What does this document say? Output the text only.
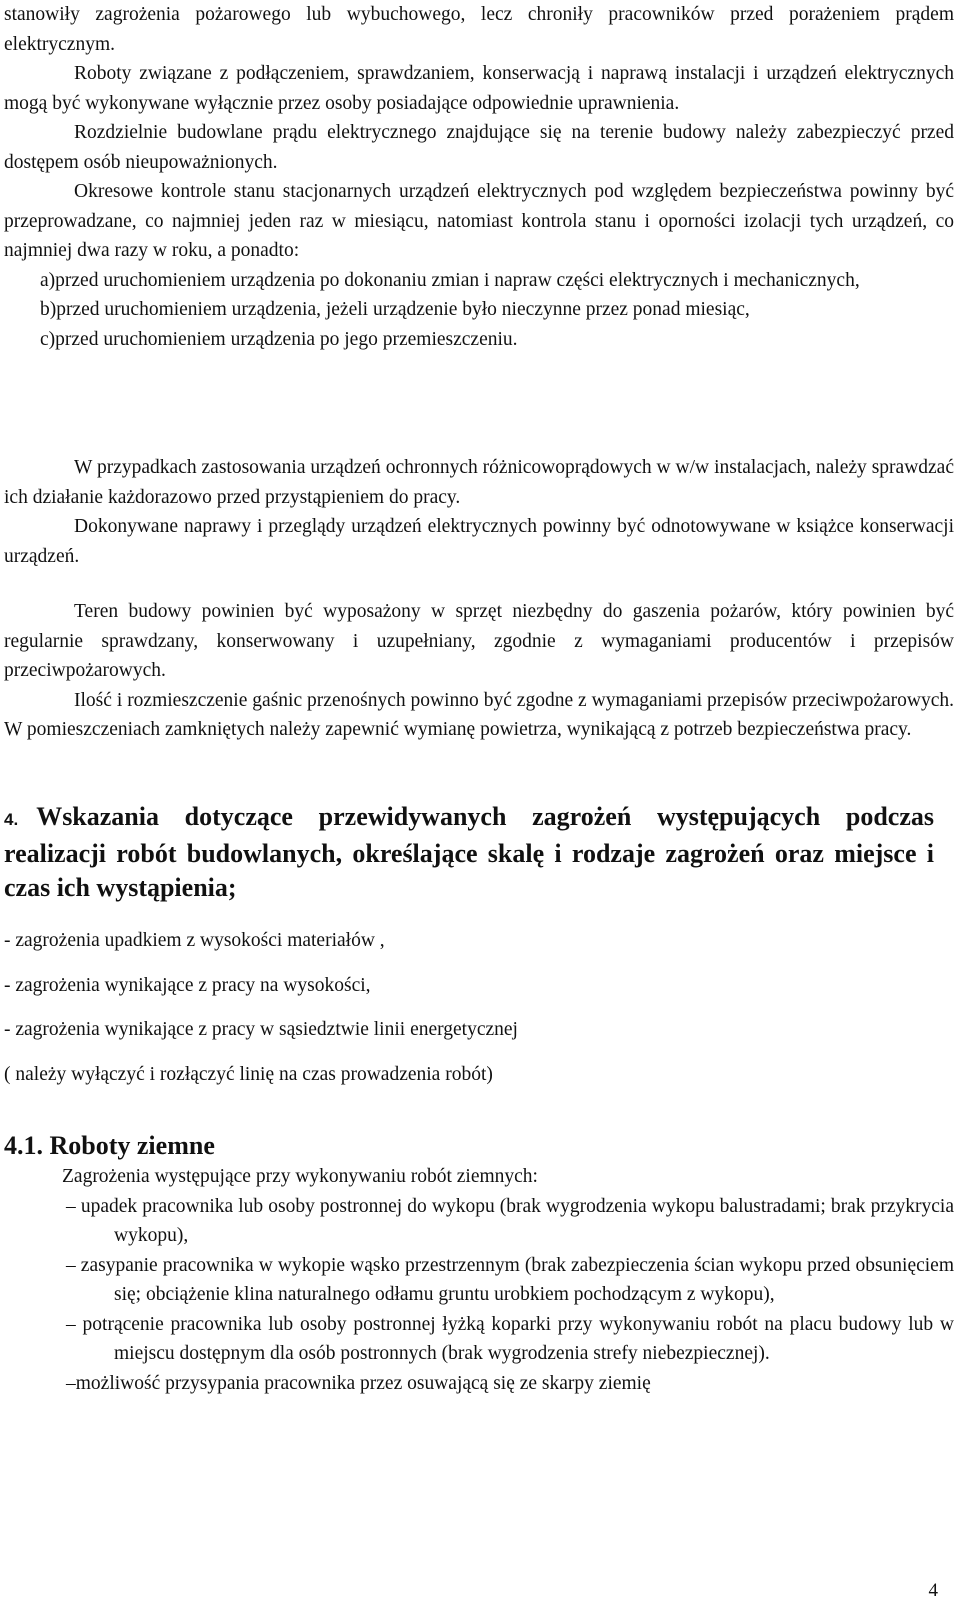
stanowiły zagrożenia pożarowego lub wybuchowego, lecz chroniły pracowników przed porażeniem prądem elektrycznym.

Roboty związane z podłączeniem, sprawdzaniem, konserwacją i naprawą instalacji i urządzeń elektrycznych mogą być wykonywane wyłącznie przez osoby posiadające odpowiednie uprawnienia.

Rozdzielnie budowlane prądu elektrycznego znajdujące się na terenie budowy należy zabezpieczyć przed dostępem osób nieupoważnionych.

Okresowe kontrole stanu stacjonarnych urządzeń elektrycznych pod względem bezpieczeństwa powinny być przeprowadzane, co najmniej jeden raz w miesiącu, natomiast kontrola stanu i oporności izolacji tych urządzeń, co najmniej dwa razy w roku, a ponadto:

a)przed uruchomieniem urządzenia po dokonaniu zmian i napraw części elektrycznych i mechanicznych,
b)przed uruchomieniem urządzenia, jeżeli urządzenie było nieczynne przez ponad miesiąc,
c)przed uruchomieniem urządzenia po jego przemieszczeniu.

W przypadkach zastosowania urządzeń ochronnych różnicowoprądowych w w/w instalacjach, należy sprawdzać ich działanie każdorazowo przed przystąpieniem do pracy.

Dokonywane naprawy i przeglądy urządzeń elektrycznych powinny być odnotowywane w książce konserwacji urządzeń.

Teren budowy powinien być wyposażony w sprzęt niezbędny do gaszenia pożarów, który powinien być regularnie sprawdzany, konserwowany i uzupełniany, zgodnie z wymaganiami producentów i przepisów przeciwpożarowych.

Ilość i rozmieszczenie gaśnic przenośnych powinno być zgodne z wymaganiami przepisów przeciwpożarowych. W pomieszczeniach zamkniętych należy zapewnić wymianę powietrza, wynikającą z potrzeb bezpieczeństwa pracy.

4. Wskazania dotyczące przewidywanych zagrożeń występujących podczas realizacji robót budowlanych, określające skalę i rodzaje zagrożeń oraz miejsce i czas ich wystąpienia;

- zagrożenia upadkiem z wysokości materiałów ,

- zagrożenia wynikające z pracy na wysokości,

- zagrożenia wynikające z pracy w sąsiedztwie linii energetycznej

( należy wyłączyć i rozłączyć linię na czas prowadzenia robót)

4.1. Roboty ziemne

Zagrożenia występujące przy wykonywaniu robót ziemnych:

– upadek pracownika lub osoby postronnej do wykopu (brak wygrodzenia wykopu balustradami; brak przykrycia wykopu),
– zasypanie pracownika w wykopie wąsko przestrzennym (brak zabezpieczenia ścian wykopu przed obsunięciem się; obciążenie klina naturalnego odłamu gruntu urobkiem pochodzącym z wykopu),
– potrącenie pracownika lub osoby postronnej łyżką koparki przy wykonywaniu robót na placu budowy lub w miejscu dostępnym dla osób postronnych (brak wygrodzenia strefy niebezpiecznej).
–możliwość przysypania pracownika przez osuwającą się ze skarpy ziemię
4
